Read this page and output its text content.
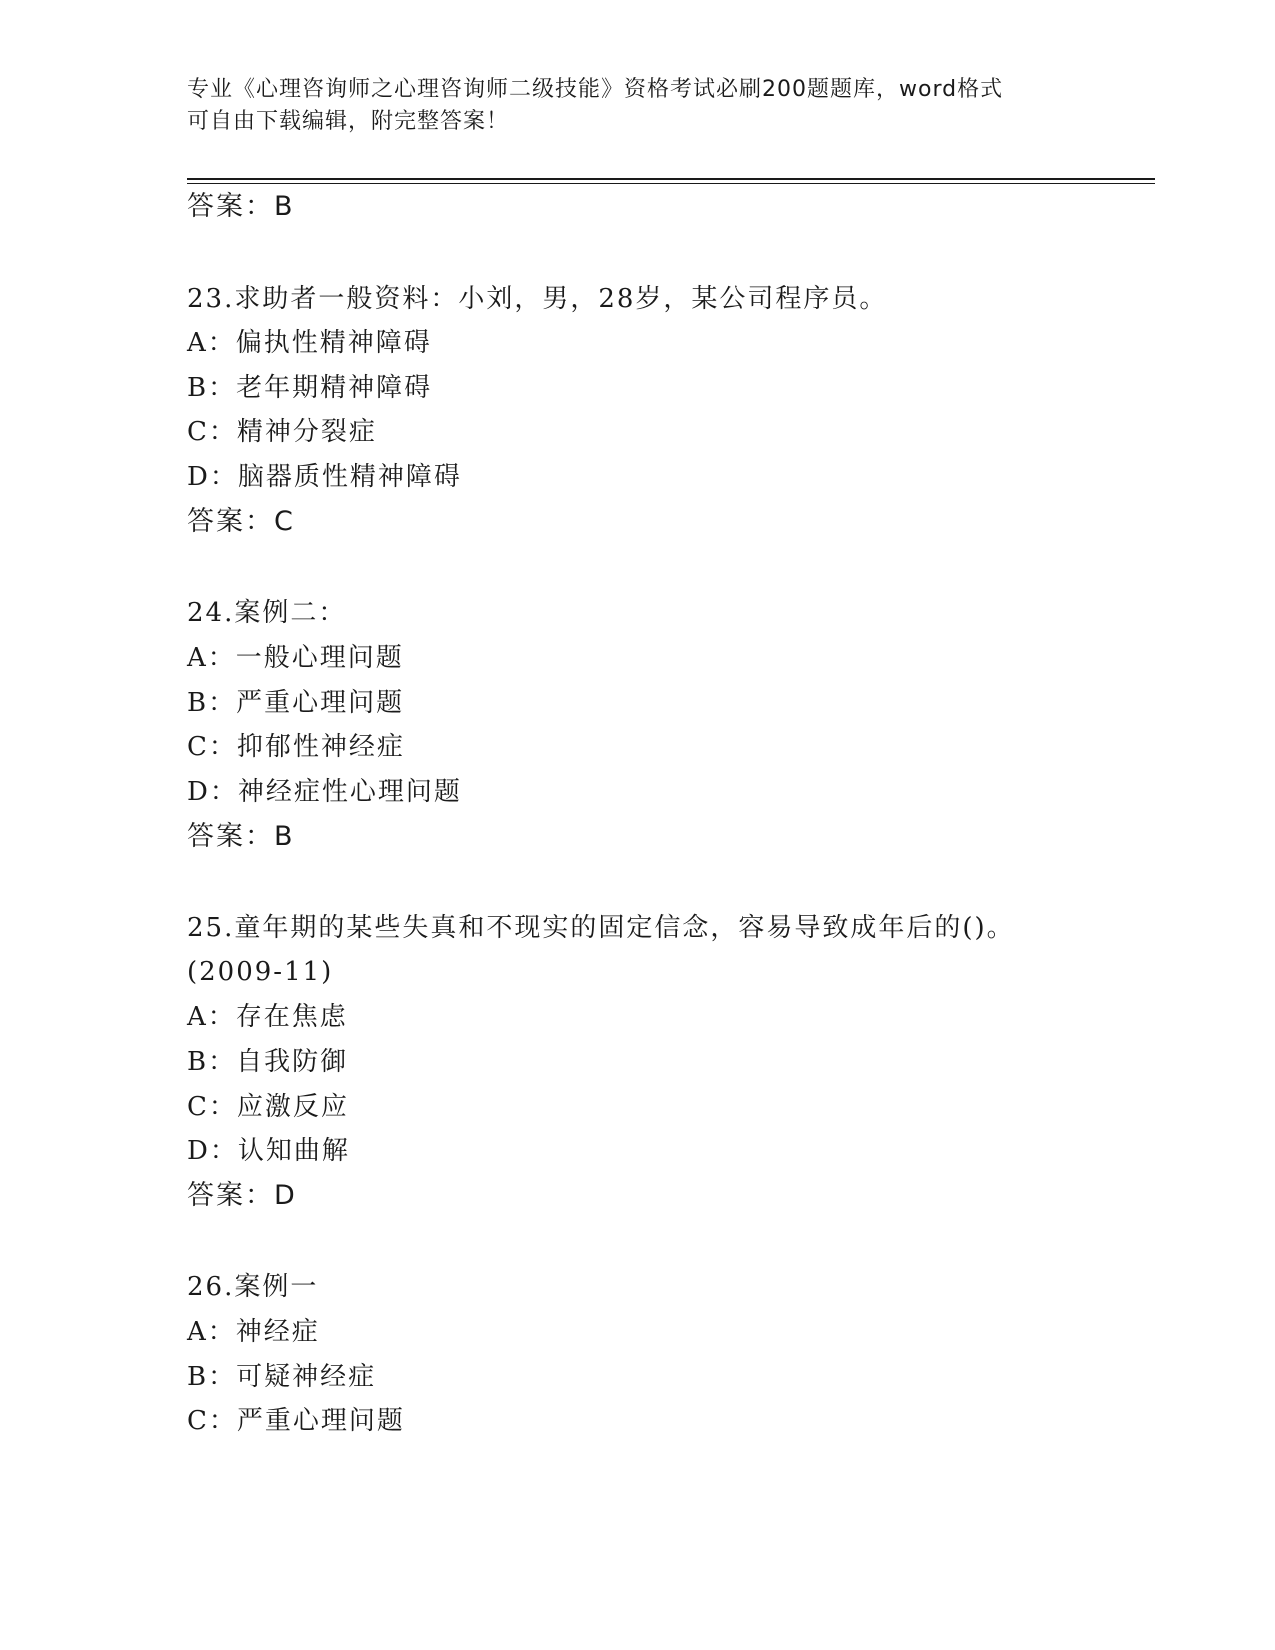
专业《心理咨询师之心理咨询师二级技能》资格考试必刷200题题库，word格式
可自由下载编辑，附完整答案！
答案：B
23.求助者一般资料：小刘，男，28岁，某公司程序员。
A：偏执性精神障碍
B：老年期精神障碍
C：精神分裂症
D：脑器质性精神障碍
答案：C
24.案例二：
A：一般心理问题
B：严重心理问题
C：抑郁性神经症
D：神经症性心理问题
答案：B
25.童年期的某些失真和不现实的固定信念，容易导致成年后的()。
(2009-11)
A：存在焦虑
B：自我防御
C：应激反应
D：认知曲解
答案：D
26.案例一
A：神经症
B：可疑神经症
C：严重心理问题
